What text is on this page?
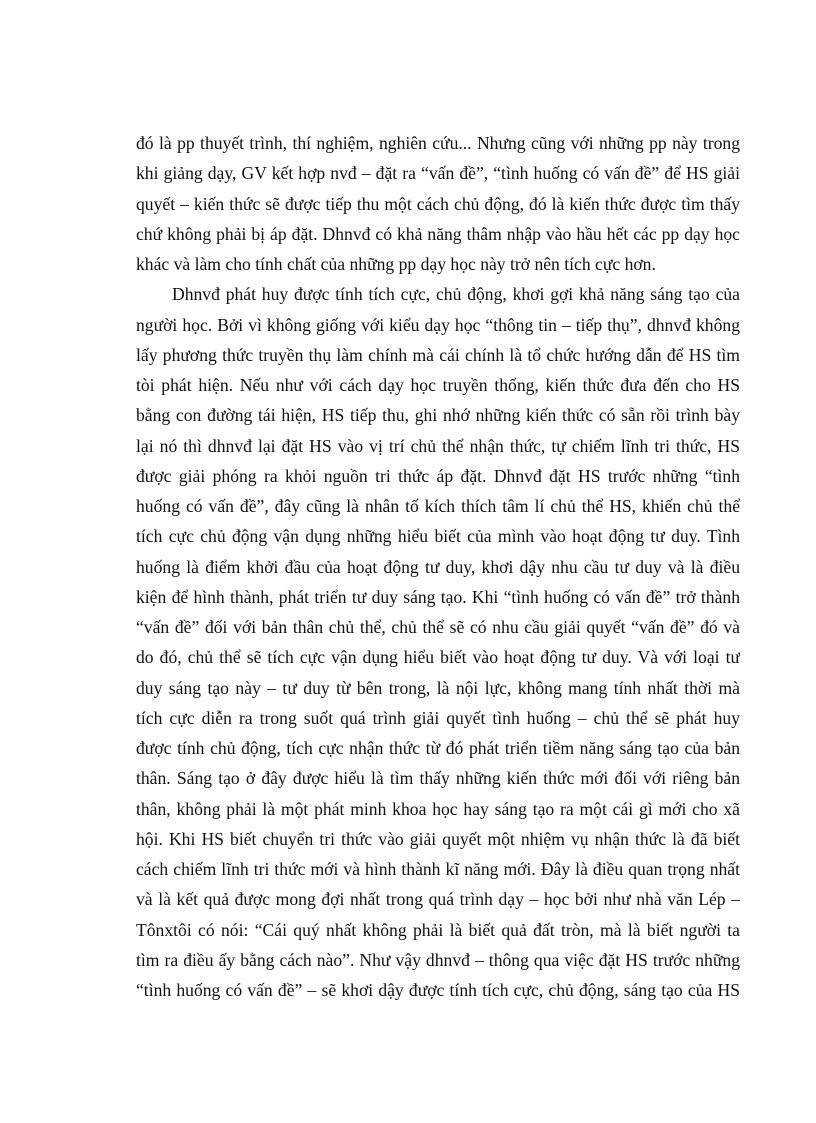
đó là pp thuyết trình, thí nghiệm, nghiên cứu... Nhưng cũng với những pp này trong
khi giảng dạy, GV kết hợp nvđ – đặt ra “vấn đề”, “tình huống có vấn đề” để HS giải
quyết – kiến thức sẽ được tiếp thu một cách chủ động, đó là kiến thức được tìm thấy
chứ không phải bị áp đặt. Dhnvđ có khả năng thâm nhập vào hầu hết các pp dạy học
khác và làm cho tính chất của những pp dạy học này trở nên tích cực hơn.
Dhnvđ phát huy được tính tích cực, chủ động, khơi gợi khả năng sáng tạo của
người học. Bởi vì không giống với kiểu dạy học “thông tin – tiếp thụ”, dhnvđ không
lấy phương thức truyền thụ làm chính mà cái chính là tổ chức hướng dẫn để HS tìm
tòi phát hiện. Nếu như với cách dạy học truyền thống, kiến thức đưa đến cho HS
bằng con đường tái hiện, HS tiếp thu, ghi nhớ những kiến thức có sẵn rồi trình bày
lại nó thì dhnvđ lại đặt HS vào vị trí chủ thể nhận thức, tự chiếm lĩnh tri thức, HS
được giải phóng ra khỏi nguồn tri thức áp đặt. Dhnvđ đặt HS trước những “tình
huống có vấn đề”, đây cũng là nhân tố kích thích tâm lí chủ thể HS, khiến chủ thể
tích cực chủ động vận dụng những hiểu biết của mình vào hoạt động tư duy. Tình
huống là điểm khởi đầu của hoạt động tư duy, khơi dậy nhu cầu tư duy và là điều
kiện để hình thành, phát triển tư duy sáng tạo. Khi “tình huống có vấn đề” trở thành
“vấn đề” đối với bản thân chủ thể, chủ thể sẽ có nhu cầu giải quyết “vấn đề” đó và
do đó, chủ thể sẽ tích cực vận dụng hiểu biết vào hoạt động tư duy. Và với loại tư
duy sáng tạo này – tư duy từ bên trong, là nội lực, không mang tính nhất thời mà
tích cực diễn ra trong suốt quá trình giải quyết tình huống – chủ thể sẽ phát huy
được tính chủ động, tích cực nhận thức từ đó phát triển tiềm năng sáng tạo của bản
thân. Sáng tạo ở đây được hiểu là tìm thấy những kiến thức mới đối với riêng bản
thân, không phải là một phát minh khoa học hay sáng tạo ra một cái gì mới cho xã
hội. Khi HS biết chuyển tri thức vào giải quyết một nhiệm vụ nhận thức là đã biết
cách chiếm lĩnh tri thức mới và hình thành kĩ năng mới. Đây là điều quan trọng nhất
và là kết quả được mong đợi nhất trong quá trình dạy – học bởi như nhà văn Lép –
Tônxtôi có nói: “Cái quý nhất không phải là biết quả đất tròn, mà là biết người ta
tìm ra điều ấy bằng cách nào”. Như vậy dhnvđ – thông qua việc đặt HS trước những
“tình huống có vấn đề” – sẽ khơi dậy được tính tích cực, chủ động, sáng tạo của HS
